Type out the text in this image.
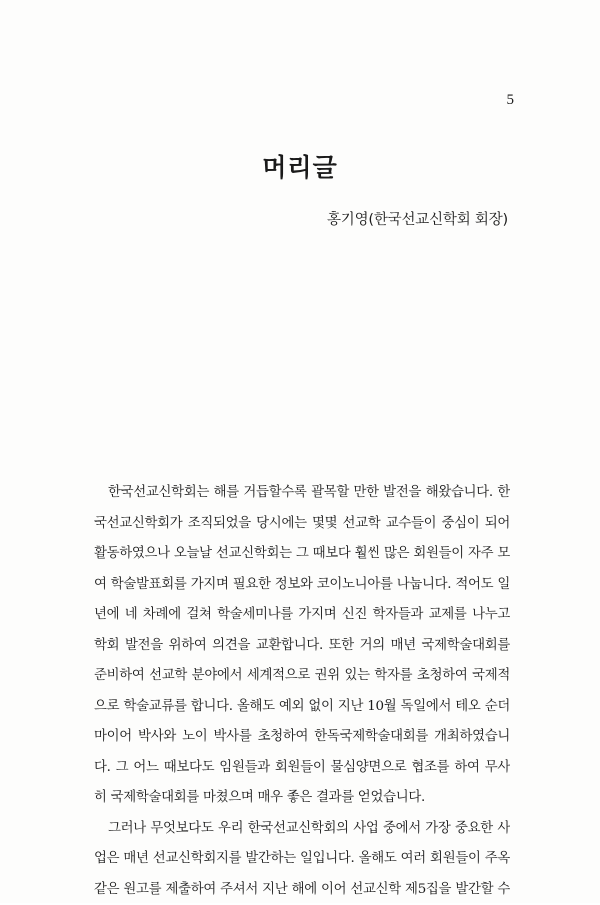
5
머리글
홍기영(한국선교신학회 회장)
한국선교신학회는 해를 거듭할수록 괄목할 만한 발전을 해왔습니다. 한
국선교신학회가 조직되었을 당시에는 몇몇 선교학 교수들이 중심이 되어
활동하였으나 오늘날 선교신학회는 그 때보다 훨씬 많은 회원들이 자주 모
여 학술발표회를 가지며 필요한 정보와 코이노니아를 나눕니다. 적어도 일
년에 네 차례에 걸쳐 학술세미나를 가지며 신진 학자들과 교제를 나누고
학회 발전을 위하여 의견을 교환합니다. 또한 거의 매년 국제학술대회를
준비하여 선교학 분야에서 세계적으로 권위 있는 학자를 초청하여 국제적
으로 학술교류를 합니다. 올해도 예외 없이 지난 10월 독일에서 테오 순더
마이어 박사와 노이 박사를 초청하여 한독국제학술대회를 개최하였습니
다. 그 어느 때보다도 임원들과 회원들이 물심양면으로 협조를 하여 무사
히 국제학술대회를 마쳤으며 매우 좋은 결과를 얻었습니다.
그러나 무엇보다도 우리 한국선교신학회의 사업 중에서 가장 중요한 사
업은 매년 선교신학회지를 발간하는 일입니다. 올해도 여러 회원들이 주옥
같은 원고를 제출하여 주셔서 지난 해에 이어 선교신학 제5집을 발간할 수
